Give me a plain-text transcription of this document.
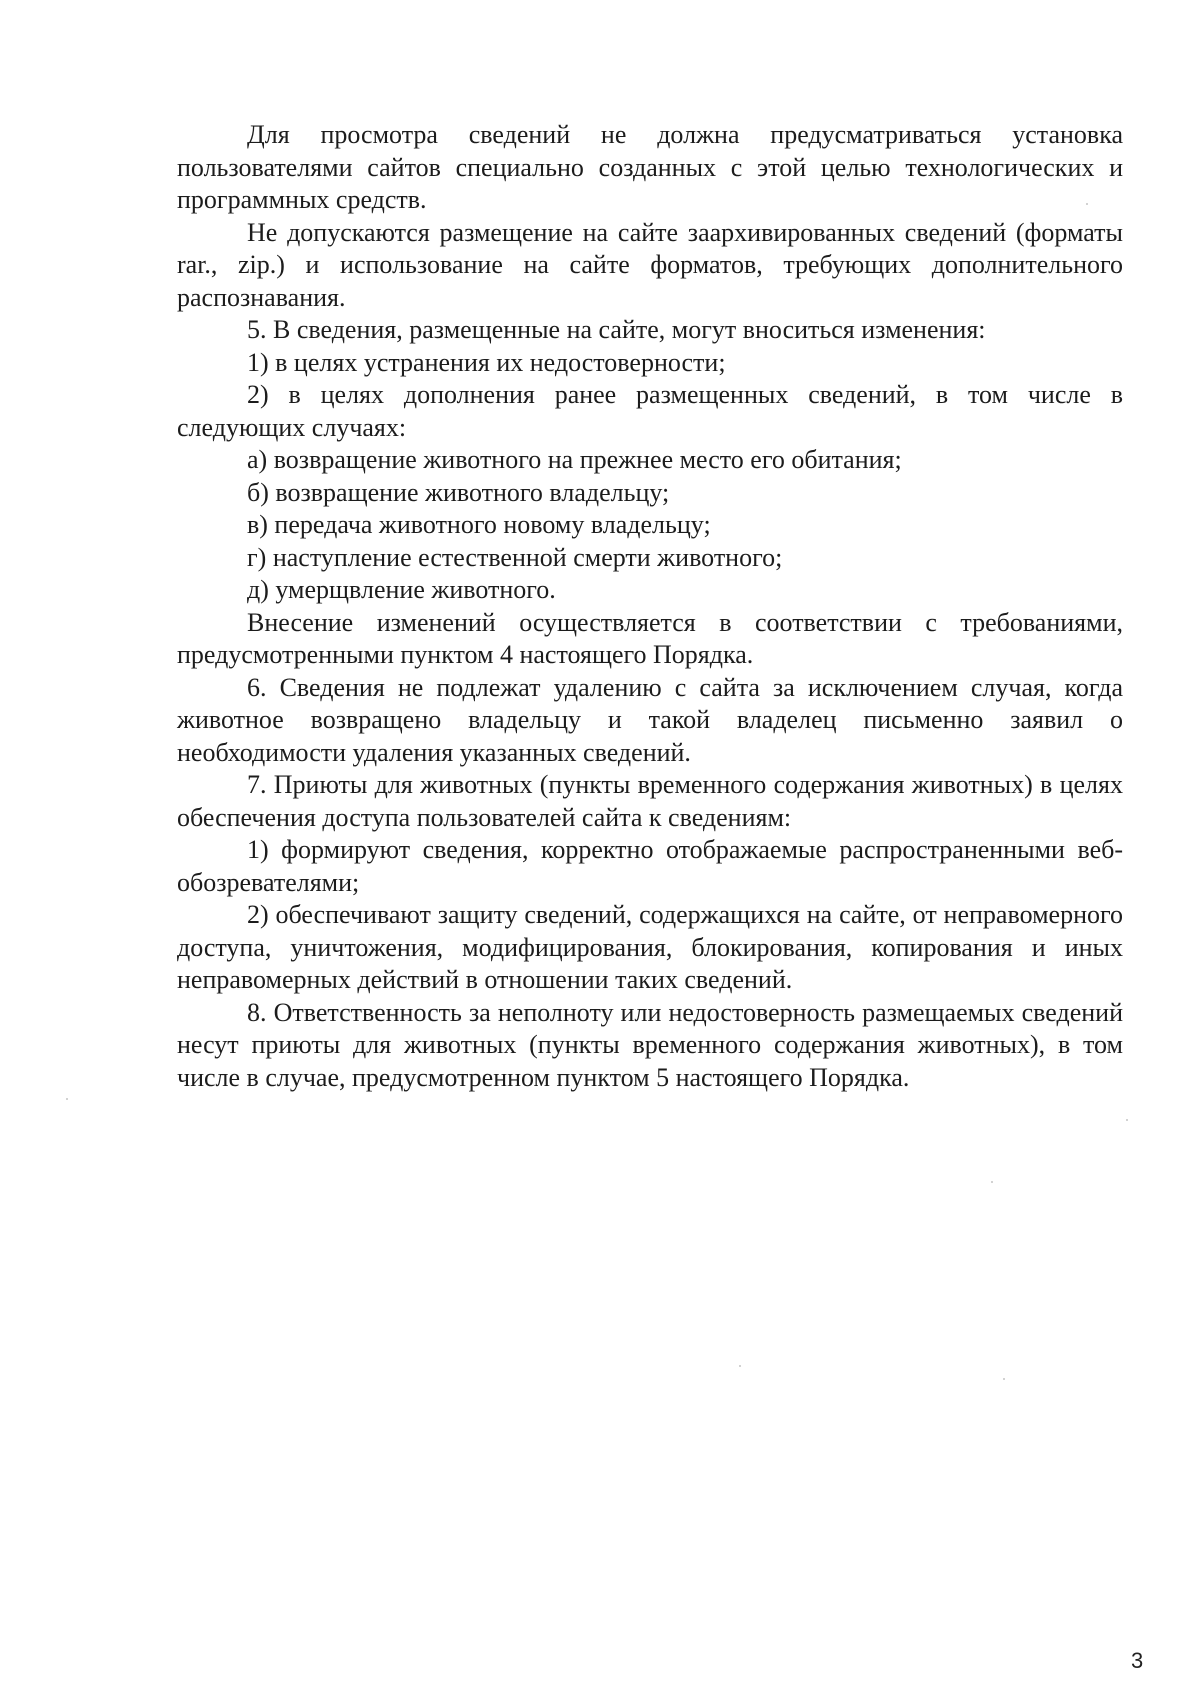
Для просмотра сведений не должна предусматриваться установка пользователями сайтов специально созданных с этой целью технологических и программных средств.

Не допускаются размещение на сайте заархивированных сведений (форматы rar., zip.) и использование на сайте форматов, требующих дополнительного распознавания.

5. В сведения, размещенные на сайте, могут вноситься изменения:

1) в целях устранения их недостоверности;

2) в целях дополнения ранее размещенных сведений, в том числе в следующих случаях:

а) возвращение животного на прежнее место его обитания;

б) возвращение животного владельцу;

в) передача животного новому владельцу;

г) наступление естественной смерти животного;

д) умерщвление животного.

Внесение изменений осуществляется в соответствии с требованиями, предусмотренными пунктом 4 настоящего Порядка.

6. Сведения не подлежат удалению с сайта за исключением случая, когда животное возвращено владельцу и такой владелец письменно заявил о необходимости удаления указанных сведений.

7. Приюты для животных (пункты временного содержания животных) в целях обеспечения доступа пользователей сайта к сведениям:

1) формируют сведения, корректно отображаемые распространенными веб-обозревателями;

2) обеспечивают защиту сведений, содержащихся на сайте, от неправомерного доступа, уничтожения, модифицирования, блокирования, копирования и иных неправомерных действий в отношении таких сведений.

8. Ответственность за неполноту или недостоверность размещаемых сведений несут приюты для животных (пункты временного содержания животных), в том числе в случае, предусмотренном пунктом 5 настоящего Порядка.

3
